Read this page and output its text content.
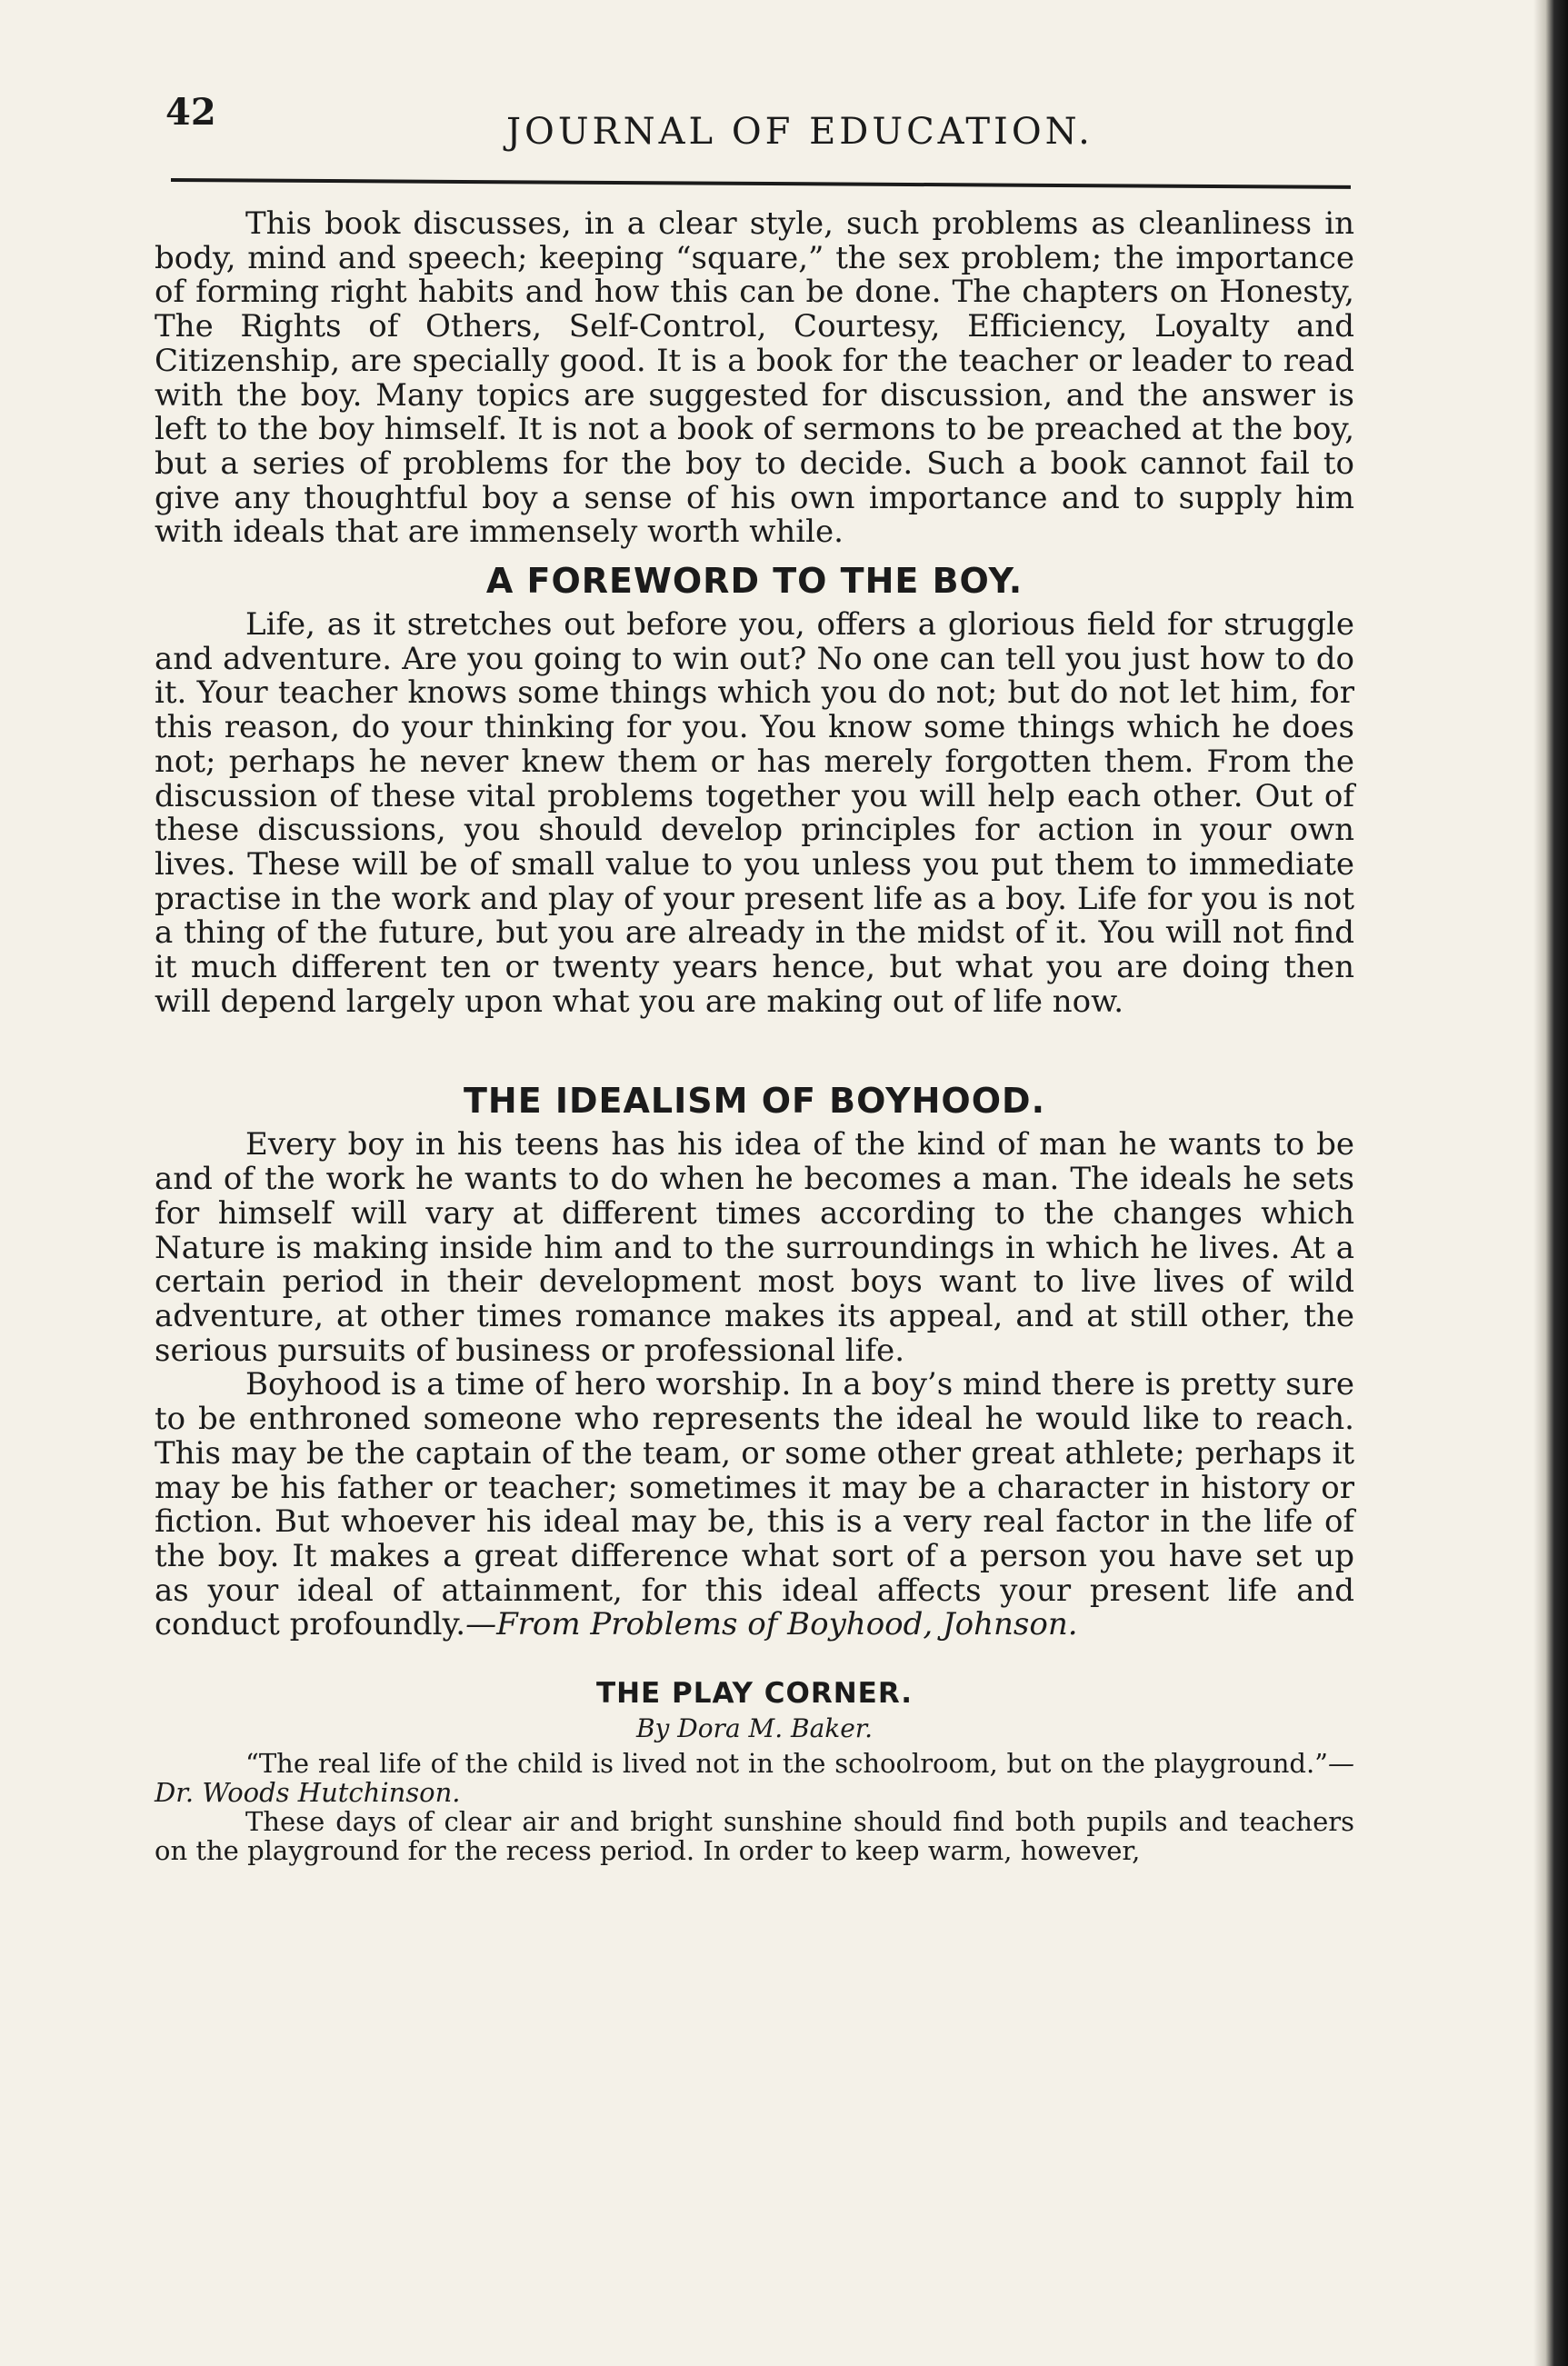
42	JOURNAL OF EDUCATION.

This book discusses, in a clear style, such problems as cleanliness in body, mind and speech; keeping “square,” the sex problem; the importance of forming right habits and how this can be done. The chapters on Honesty, The Rights of Others, Self-Control, Courtesy, Efficiency, Loyalty and Citizenship, are specially good. It is a book for the teacher or leader to read with the boy. Many topics are suggested for discussion, and the answer is left to the boy himself. It is not a book of sermons to be preached at the boy, but a series of problems for the boy to decide. Such a book cannot fail to give any thoughtful boy a sense of his own importance and to supply him with ideals that are immensely worth while.

A FOREWORD TO THE BOY.

Life, as it stretches out before you, offers a glorious field for struggle and adventure. Are you going to win out? No one can tell you just how to do it. Your teacher knows some things which you do not; but do not let him, for this reason, do your thinking for you. You know some things which he does not; perhaps he never knew them or has merely forgotten them. From the discussion of these vital problems together you will help each other. Out of these discussions, you should develop principles for action in your own lives. These will be of small value to you unless you put them to immediate practise in the work and play of your present life as a boy. Life for you is not a thing of the future, but you are already in the midst of it. You will not find it much different ten or twenty years hence, but what you are doing then will depend largely upon what you are making out of life now.

THE IDEALISM OF BOYHOOD.

Every boy in his teens has his idea of the kind of man he wants to be and of the work he wants to do when he becomes a man. The ideals he sets for himself will vary at different times according to the changes which Nature is making inside him and to the surroundings in which he lives. At a certain period in their development most boys want to live lives of wild adventure, at other times romance makes its appeal, and at still other, the serious pursuits of business or professional life.

Boyhood is a time of hero worship. In a boy’s mind there is pretty sure to be enthroned someone who represents the ideal he would like to reach. This may be the captain of the team, or some other great athlete; perhaps it may be his father or teacher; sometimes it may be a character in history or fiction. But whoever his ideal may be, this is a very real factor in the life of the boy. It makes a great difference what sort of a person you have set up as your ideal of attainment, for this ideal affects your present life and conduct profoundly.—From Problems of Boyhood, Johnson.

THE PLAY CORNER.
By Dora M. Baker.

“The real life of the child is lived not in the schoolroom, but on the playground.”—Dr. Woods Hutchinson.

These days of clear air and bright sunshine should find both pupils and teachers on the playground for the recess period. In order to keep warm, however,
